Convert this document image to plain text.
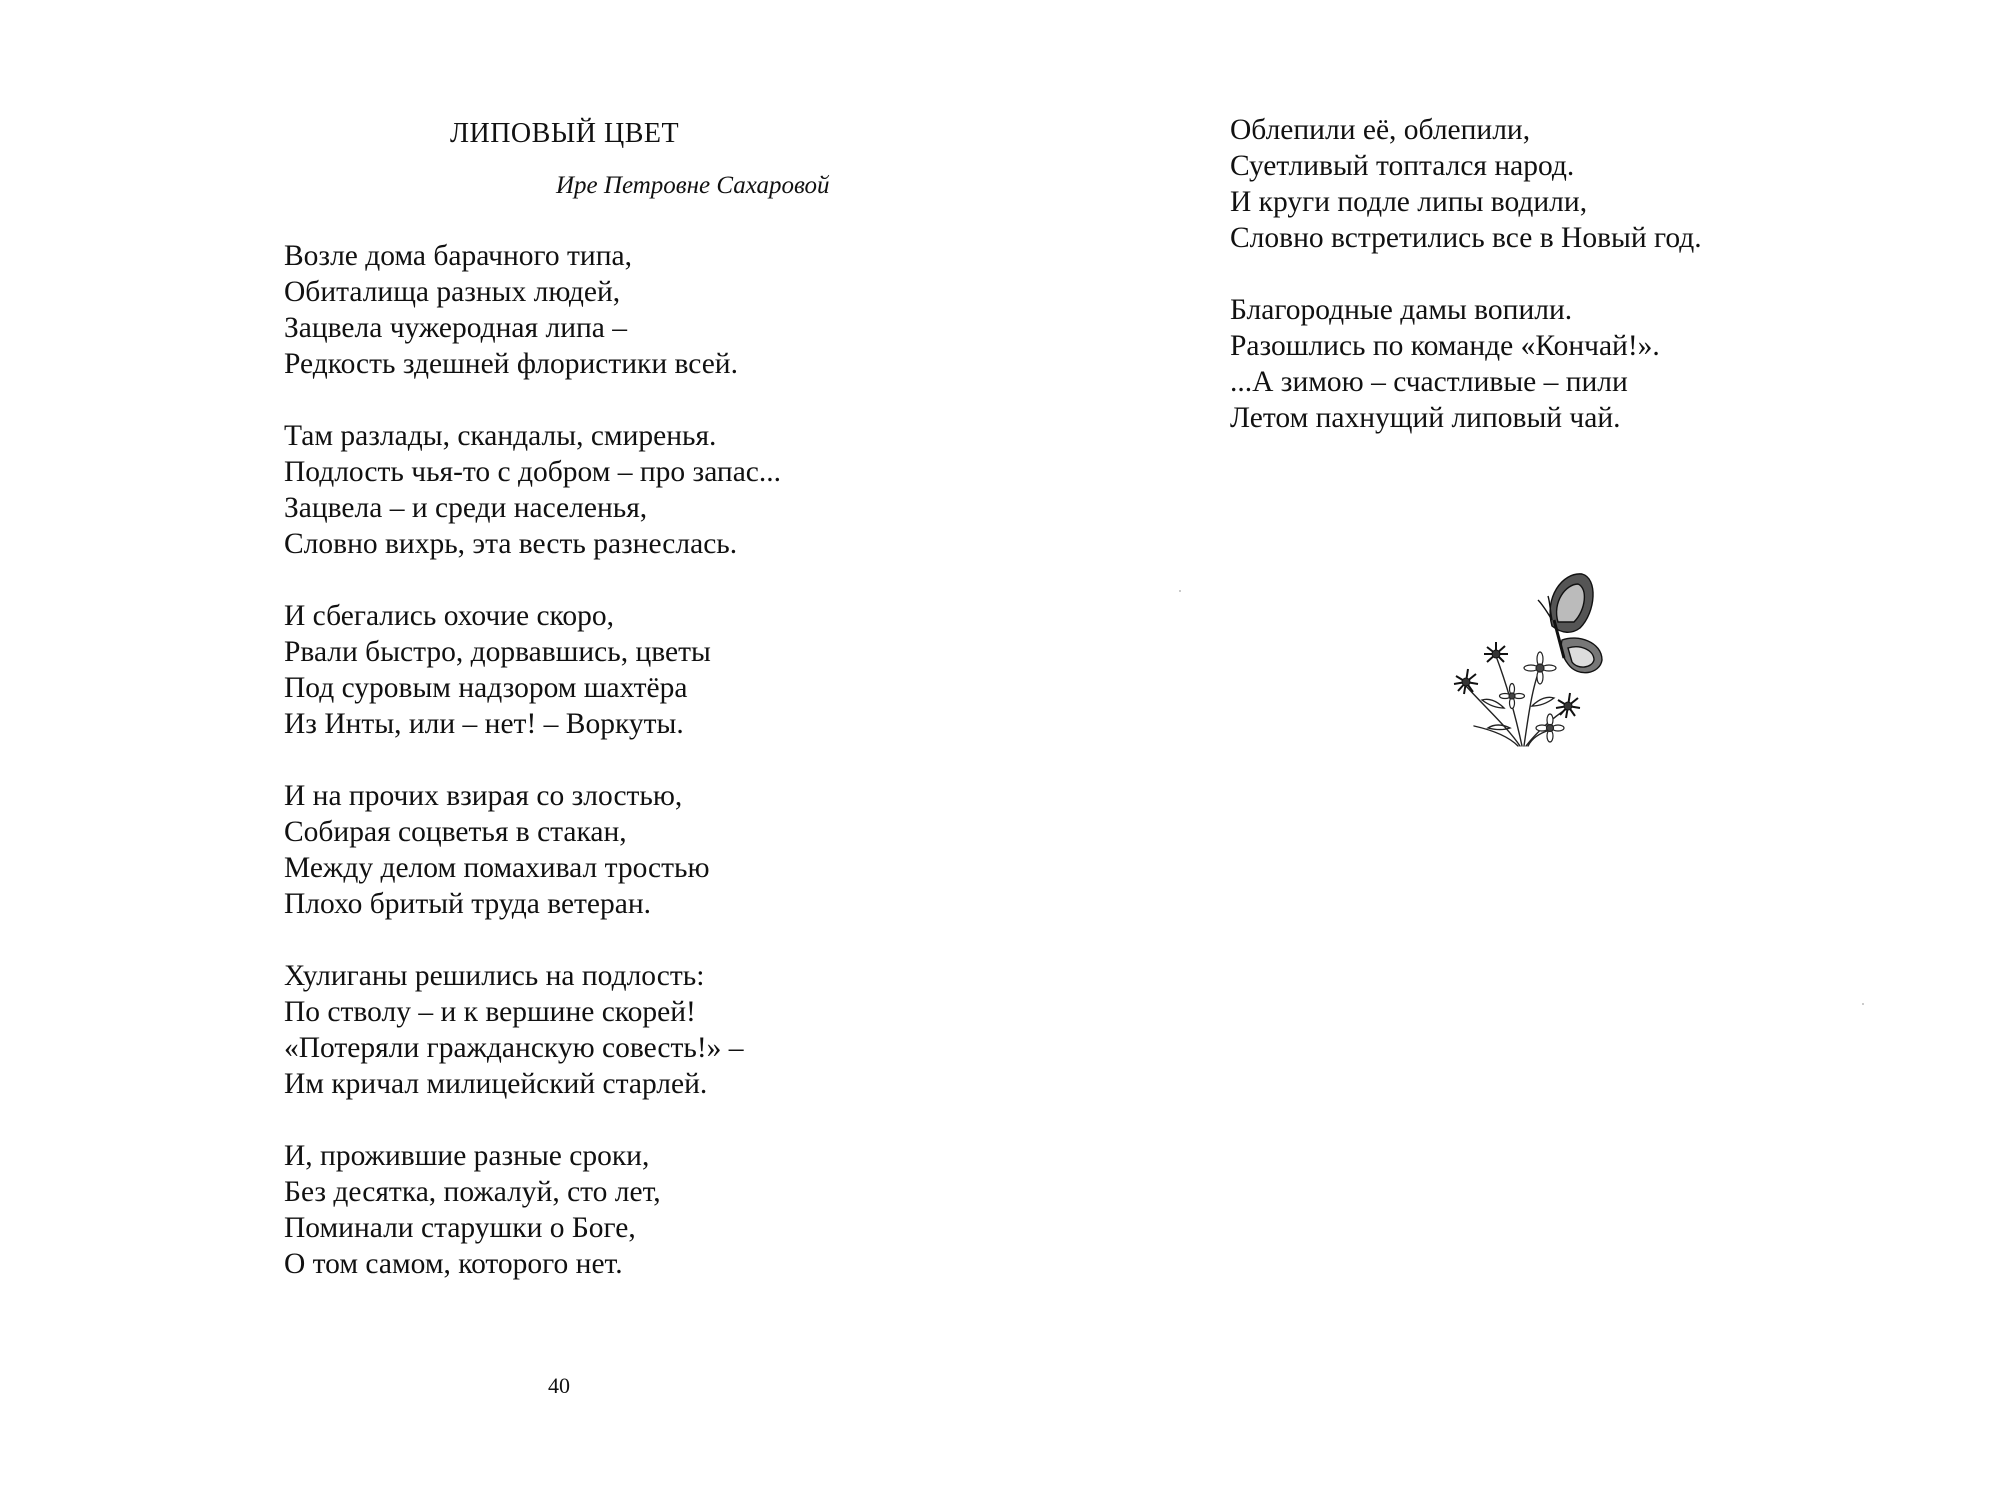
ЛИПОВЫЙ ЦВЕТ
Ире Петровне Сахаровой
Возле дома барачного типа,
Обиталища разных людей,
Зацвела чужеродная липа –
Редкость здешней флористики всей.
Там разлады, скандалы, смиренья.
Подлость чья-то с добром – про запас...
Зацвела – и среди населенья,
Словно вихрь, эта весть разнеслась.
И сбегались охочие скоро,
Рвали быстро, дорвавшись, цветы
Под суровым надзором шахтёра
Из Инты, или – нет! – Воркуты.
И на прочих взирая со злостью,
Собирая соцветья в стакан,
Между делом помахивал тростью
Плохо бритый труда ветеран.
Хулиганы решились на подлость:
По стволу – и к вершине скорей!
«Потеряли гражданскую совесть!» –
Им кричал милицейский старлей.
И, прожившие разные сроки,
Без десятка, пожалуй, сто лет,
Поминали старушки о Боге,
О том самом, которого нет.
40
Облепили её, облепили,
Суетливый топтался народ.
И круги подле липы водили,
Словно встретились все в Новый год.
Благородные дамы вопили.
Разошлись по команде «Кончай!».
...А зимою – счастливые – пили
Летом пахнущий липовый чай.
